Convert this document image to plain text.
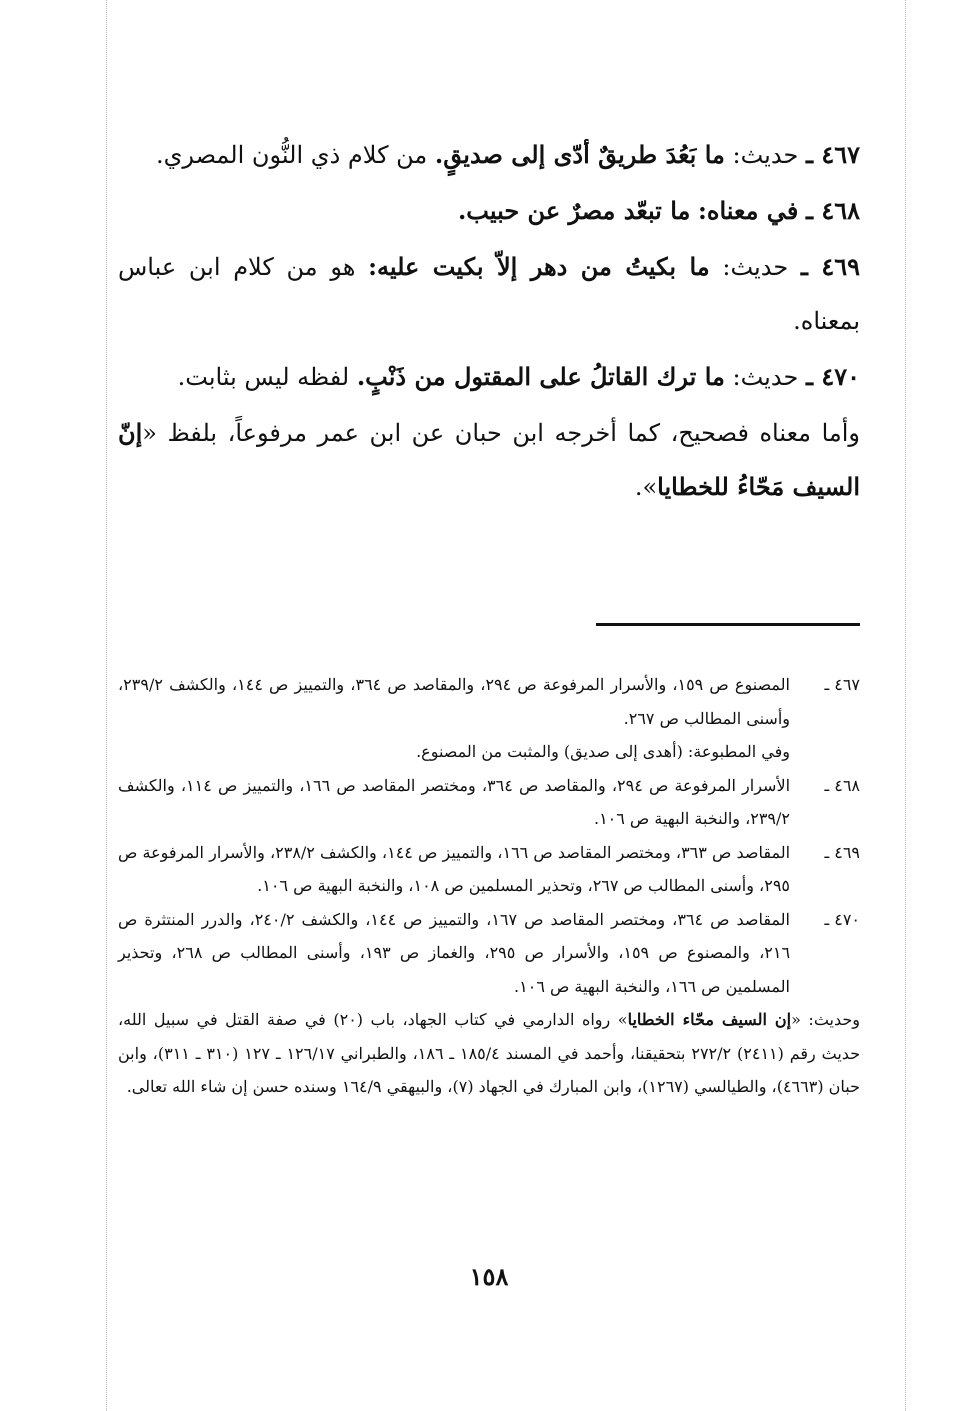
٤٦٧ ـ حديث: ما بَعُدَ طريقٌ أدّى إلى صديقٍ. من كلام ذي النُّون المصري.

٤٦٨ ـ في معناه: ما تبعّد مصرٌ عن حبيب.

٤٦٩ ـ حديث: ما بكيتُ من دهر إلاّ بكيت عليه: هو من كلام ابن عباس بمعناه.

٤٧٠ ـ حديث: ما ترك القاتلُ على المقتول من ذَنْبٍ. لفظه ليس بثابت.

وأما معناه فصحيح، كما أخرجه ابن حبان عن ابن عمر مرفوعاً، بلفظ «إنّ السيف مَحّاءُ للخطايا».

٤٦٧ ـ
المصنوع ص ١٥٩، والأسرار المرفوعة ص ٢٩٤، والمقاصد ص ٣٦٤، والتمييز ص ١٤٤، والكشف ٢٣٩/٢، وأسنى المطالب ص ٢٦٧.
وفي المطبوعة: (أهدى إلى صديق) والمثبت من المصنوع.
٤٦٨ ـ
الأسرار المرفوعة ص ٢٩٤، والمقاصد ص ٣٦٤، ومختصر المقاصد ص ١٦٦، والتمييز ص ١١٤، والكشف ٢٣٩/٢، والنخبة البهية ص ١٠٦.
٤٦٩ ـ
المقاصد ص ٣٦٣، ومختصر المقاصد ص ١٦٦، والتمييز ص ١٤٤، والكشف ٢٣٨/٢، والأسرار المرفوعة ص ٢٩٥، وأسنى المطالب ص ٢٦٧، وتحذير المسلمين ص ١٠٨، والنخبة البهية ص ١٠٦.
٤٧٠ ـ
المقاصد ص ٣٦٤، ومختصر المقاصد ص ١٦٧، والتمييز ص ١٤٤، والكشف ٢٤٠/٢، والدرر المنتثرة ص ٢١٦، والمصنوع ص ١٥٩، والأسرار ص ٢٩٥، والغماز ص ١٩٣، وأسنى المطالب ص ٢٦٨، وتحذير المسلمين ص ١٦٦، والنخبة البهية ص ١٠٦.

وحديث: «إن السيف محّاء الخطايا» رواه الدارمي في كتاب الجهاد، باب (٢٠) في صفة القتل في سبيل الله، حديث رقم (٢٤١١) ٢٧٢/٢ بتحقيقنا، وأحمد في المسند ١٨٥/٤ ـ ١٨٦، والطبراني ١٢٦/١٧ ـ ١٢٧ (٣١٠ ـ ٣١١)، وابن حبان (٤٦٦٣)، والطيالسي (١٢٦٧)، وابن المبارك في الجهاد (٧)، والبيهقي ١٦٤/٩ وسنده حسن إن شاء الله تعالى.

١٥٨
